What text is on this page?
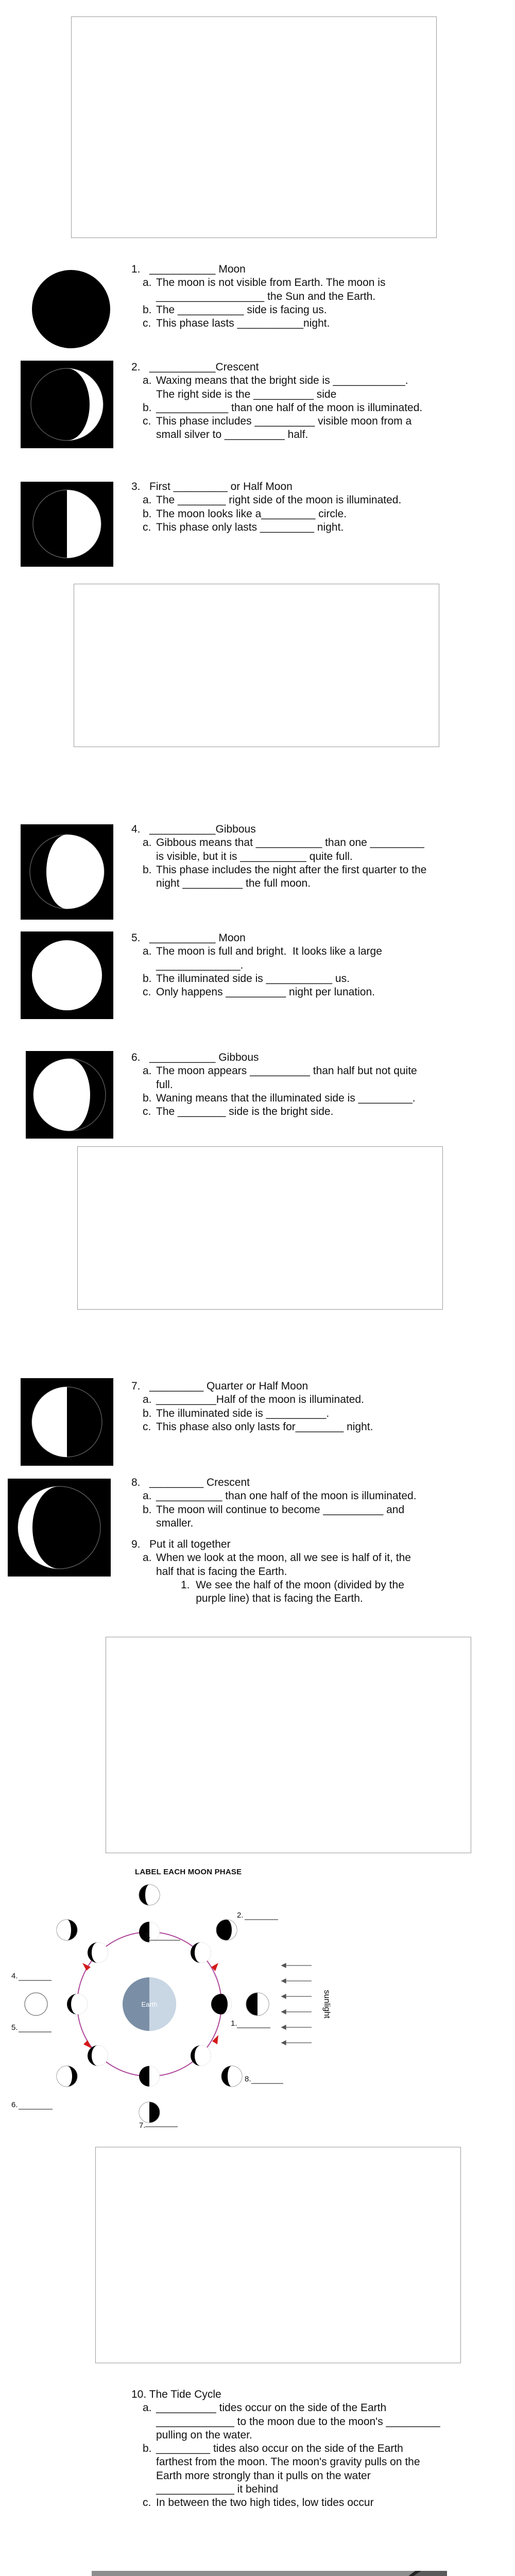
1.   ___________ Moon
a. The moon is not visible from Earth. The moon is
__________________ the Sun and the Earth.
b. The ___________ side is facing us.
c. This phase lasts ___________night.
2.   ___________Crescent
a. Waxing means that the bright side is ____________.
The right side is the __________ side
b. ____________ than one half of the moon is illuminated.
c. This phase includes __________ visible moon from a
small silver to __________ half.
3.   First _________ or Half Moon
a. The ________ right side of the moon is illuminated.
b. The moon looks like a_________ circle.
c. This phase only lasts _________ night.
4.   ___________Gibbous
a. Gibbous means that ___________ than one _________
is visible, but it is ___________ quite full.
b. This phase includes the night after the first quarter to the
night __________ the full moon.
5.   ___________ Moon
a. The moon is full and bright.  It looks like a large
______________.
b. The illuminated side is ___________ us.
c. Only happens __________ night per lunation.
6.   ___________ Gibbous
a. The moon appears __________ than half but not quite
full.
b. Waning means that the illuminated side is _________.
c. The ________ side is the bright side.
7.   _________ Quarter or Half Moon
a. __________Half of the moon is illuminated.
b. The illuminated side is __________.
c. This phase also only lasts for________ night.
8.   _________ Crescent
a. ___________ than one half of the moon is illuminated.
b. The moon will continue to become __________ and
smaller.
9.   Put it all together
a. When we look at the moon, all we see is half of it, the
half that is facing the Earth.
1.  We see the half of the moon (divided by the
purple line) that is facing the Earth.
LABEL EACH MOON PHASE
Earth
3.
2.
1.
8.
7.
6.
5.
4.
sunlight
10. The Tide Cycle
a. __________ tides occur on the side of the Earth
_____________ to the moon due to the moon's _________
pulling on the water.
b. _________ tides also occur on the side of the Earth
farthest from the moon. The moon's gravity pulls on the
Earth more strongly than it pulls on the water
_____________ it behind
c. In between the two high tides, low tides occur
